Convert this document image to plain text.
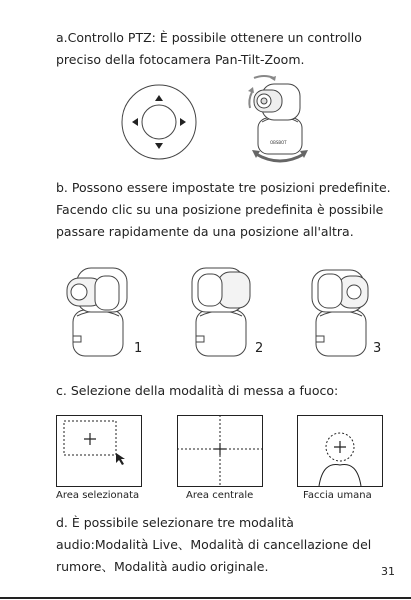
a.Controllo PTZ: È possibile ottenere un controllo preciso della fotocamera Pan-Tilt-Zoom.

OBSBOT

b. Possono essere impostate tre posizioni predefinite. Facendo clic su una posizione predefinita è possibile passare rapidamente da una posizione all'altra.

1	2	3

c. Selezione della modalità di messa a fuoco:

Area selezionata	Area centrale	Faccia umana

d. È possibile selezionare tre modalità audio:Modalità Live、Modalità di cancellazione del rumore、Modalità audio originale.	31
